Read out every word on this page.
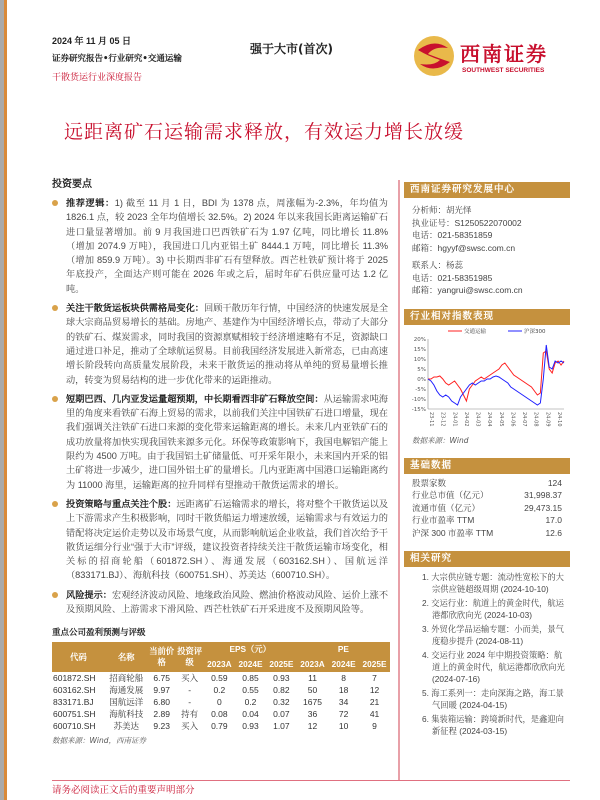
2024 年 11 月 05 日
证券研究报告•行业研究•交通运输
干散货运行业深度报告
强于大市(首次)	西南证券
SOUTHWEST SECURITIES
远距离矿石运输需求释放，有效运力增长放缓
投资要点
推荐逻辑：1) 截至 11 月 1 日，BDI 为 1378 点，周涨幅为-2.3%，年均值为 1826.1 点，较 2023 全年均值增长 32.5%。2) 2024 年以来我国长距离运输矿石进口量显著增加。前 9 月我国进口巴西铁矿石为 1.97 亿吨，同比增长 11.8%（增加 2074.9 万吨），我国进口几内亚铝土矿 8444.1 万吨，同比增长 11.3%（增加 859.9 万吨）。3) 中长期西非矿石有望释放。西芒杜铁矿预计将于 2025 年底投产，全面达产则可能在 2026 年或之后，届时年矿石供应量可达 1.2 亿吨。
关注干散货运板块供需格局变化：回顾干散历年行情，中国经济的快速发展是全球大宗商品贸易增长的基础。房地产、基建作为中国经济增长点，带动了大部分的铁矿石、煤炭需求，同时我国的资源禀赋相较于经济增速略有不足，资源缺口通过进口补足，推动了全球航运贸易。目前我国经济发展进入新常态，已由高速增长阶段转向高质量发展阶段，未来干散货运的推动将从单纯的贸易量增长推动，转变为贸易结构的进一步优化带来的运距推动。
短期巴西、几内亚发运量超预期，中长期看西非矿石释放空间：从运输需求吨海里的角度来看铁矿石海上贸易的需求，以前我们关注中国铁矿石进口增量，现在我们强调关注铁矿石进口来源的变化带来运输距离的增长。未来几内亚铁矿石的成功放量将加快实现我国铁来源多元化。环保等政策影响下，我国电解铝产能上限约为 4500 万吨。由于我国铝土矿储量低、可开采年限小，未来国内开采的铝土矿将进一步减少，进口国外铝土矿的量增长。几内亚距离中国港口运输距离约为 11000 海里，运输距离的拉升同样有望推动干散货运需求的增长。
投资策略与重点关注个股：远距离矿石运输需求的增长，将对整个干散货运以及上下游需求产生积极影响，同时干散货船运力增速放缓，运输需求与有效运力的错配将决定运价走势以及市场景气度，从而影响航运企业收益，我们首次给予干散货运细分行业“强于大市”评级，建议投资者持续关注干散货运输市场变化，相关标的招商轮船（601872.SH）、海通发展（603162.SH）、国航远洋（833171.BJ）、海航科技（600751.SH）、苏美达（600710.SH）。
风险提示：宏观经济波动风险、地缘政治风险、燃油价格波动风险、运价上涨不及预期风险、上游需求下滑风险、西芒杜铁矿石开采进度不及预期风险等。
重点公司盈利预测与评级
代码	名称	当前价格	投资评级	EPS（元）			PE		
				2023A	2024E	2025E	2023A	2024E	2025E
601872.SH	招商轮船	6.75	买入	0.59	0.85	0.93	11	8	7
603162.SH	海通发展	9.97	-	0.2	0.55	0.82	50	18	12
833171.BJ	国航远洋	6.80	-	0	0.2	0.32	1675	34	21
600751.SH	海航科技	2.89	持有	0.08	0.04	0.07	36	72	41
600710.SH	苏美达	9.23	买入	0.79	0.93	1.07	12	10	9
数据来源：Wind，西南证券
西南证券研究发展中心
分析师：胡光怿
执业证号：S1250522070002
电话：021-58351859
邮箱：hgyyf@swsc.com.cn
联系人：杨蕊
电话：021-58351985
邮箱：yangrui@swsc.com.cn
行业相对指数表现
20%
15%
10%
5%
0%
-5%
-10%
-15%
23-11 23-12 24-01 24-02 24-03 24-04 24-05 24-06 24-07 24-08 24-09 24-10
交通运输	沪深300
数据来源：Wind
基础数据
股票家数	124
行业总市值（亿元）	31,998.37
流通市值（亿元）	29,473.15
行业市盈率 TTM	17.0
沪深 300 市盈率 TTM	12.6
相关研究
1. 大宗供应链专题：流动性宽松下的大宗供应链超级周期 (2024-10-10)
2. 交运行业：航道上的黄金时代，航运港都欣欣向光 (2024-10-03)
3. 外贸化学品运输专题：小而美，景气度稳步提升 (2024-08-11)
4. 交运行业 2024 年中期投资策略：航道上的黄金时代，航运港都欣欣向光 (2024-07-16)
5. 海工系列一：走向深海之路，海工景气回暖 (2024-04-15)
6. 集装箱运输：跨境新时代，是鑫迎向新征程 (2024-03-15)
请务必阅读正文后的重要声明部分
